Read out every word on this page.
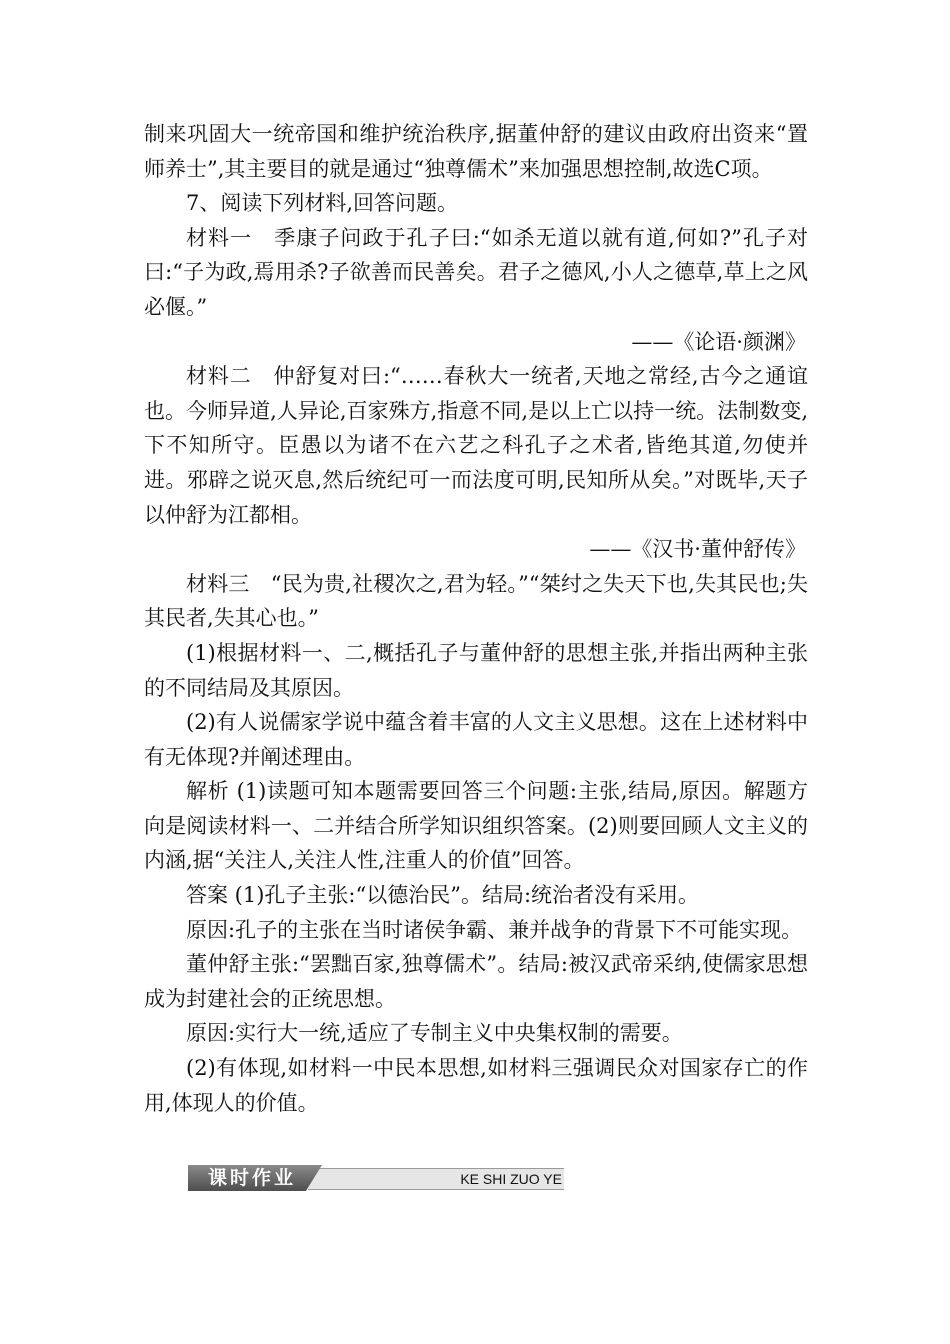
制来巩固大一统帝国和维护统治秩序,据董仲舒的建议由政府出资来“置师养士”,其主要目的就是通过“独尊儒术”来加强思想控制,故选C项。

7、阅读下列材料,回答问题。

材料一　季康子问政于孔子曰:“如杀无道以就有道,何如?”孔子对曰:“子为政,焉用杀?子欲善而民善矣。君子之德风,小人之德草,草上之风必偃。”

——《论语·颜渊》

材料二　仲舒复对曰:“……春秋大一统者,天地之常经,古今之通谊也。今师异道,人异论,百家殊方,指意不同,是以上亡以持一统。法制数变,下不知所守。臣愚以为诸不在六艺之科孔子之术者,皆绝其道,勿使并进。邪辟之说灭息,然后统纪可一而法度可明,民知所从矣。”对既毕,天子以仲舒为江都相。

——《汉书·董仲舒传》

材料三　“民为贵,社稷次之,君为轻。”“桀纣之失天下也,失其民也;失其民者,失其心也。”

(1)根据材料一、二,概括孔子与董仲舒的思想主张,并指出两种主张的不同结局及其原因。

(2)有人说儒家学说中蕴含着丰富的人文主义思想。这在上述材料中有无体现?并阐述理由。

解析 (1)读题可知本题需要回答三个问题:主张,结局,原因。解题方向是阅读材料一、二并结合所学知识组织答案。(2)则要回顾人文主义的内涵,据“关注人,关注人性,注重人的价值”回答。

答案 (1)孔子主张:“以德治民”。结局:统治者没有采用。

原因:孔子的主张在当时诸侯争霸、兼并战争的背景下不可能实现。

董仲舒主张:“罢黜百家,独尊儒术”。结局:被汉武帝采纳,使儒家思想成为封建社会的正统思想。

原因:实行大一统,适应了专制主义中央集权制的需要。

(2)有体现,如材料一中民本思想,如材料三强调民众对国家存亡的作用,体现人的价值。

KE SHI ZUO YE
课时作业
